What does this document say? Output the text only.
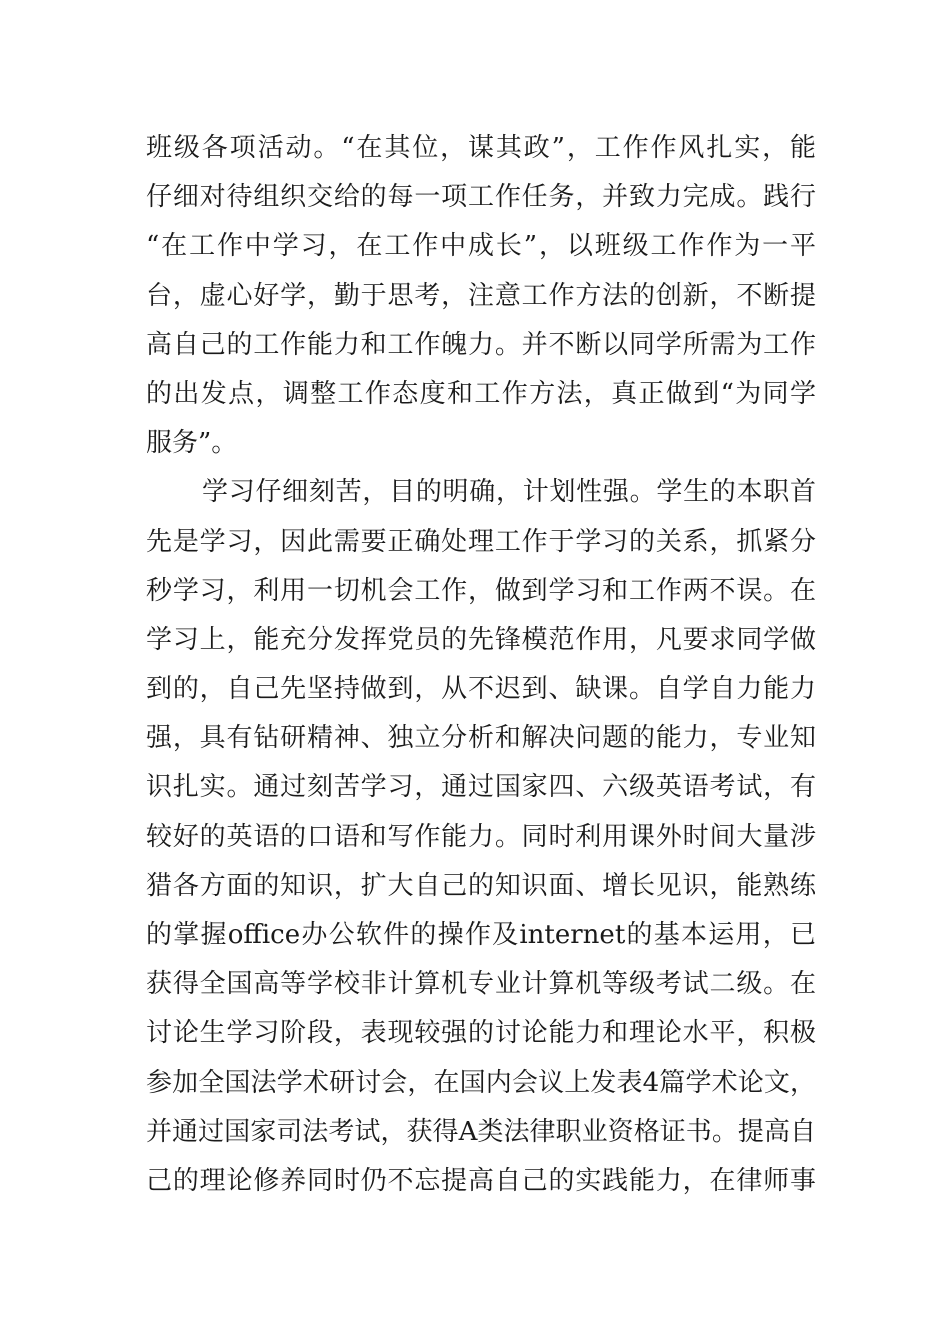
班级各项活动。“在其位，谋其政”，工作作风扎实，能
仔细对待组织交给的每一项工作任务，并致力完成。践行
“在工作中学习，在工作中成长”，以班级工作作为一平
台，虚心好学，勤于思考，注意工作方法的创新，不断提
高自己的工作能力和工作魄力。并不断以同学所需为工作
的出发点，调整工作态度和工作方法，真正做到“为同学
服务”。
学习仔细刻苦，目的明确，计划性强。学生的本职首
先是学习，因此需要正确处理工作于学习的关系，抓紧分
秒学习，利用一切机会工作，做到学习和工作两不误。在
学习上，能充分发挥党员的先锋模范作用，凡要求同学做
到的，自己先坚持做到，从不迟到、缺课。自学自力能力
强，具有钻研精神、独立分析和解决问题的能力，专业知
识扎实。通过刻苦学习，通过国家四、六级英语考试，有
较好的英语的口语和写作能力。同时利用课外时间大量涉
猎各方面的知识，扩大自己的知识面、增长见识，能熟练
的掌握office办公软件的操作及internet的基本运用，已
获得全国高等学校非计算机专业计算机等级考试二级。在
讨论生学习阶段，表现较强的讨论能力和理论水平，积极
参加全国法学术研讨会，在国内会议上发表4篇学术论文，
并通过国家司法考试，获得A类法律职业资格证书。提高自
己的理论修养同时仍不忘提高自己的实践能力，在律师事
